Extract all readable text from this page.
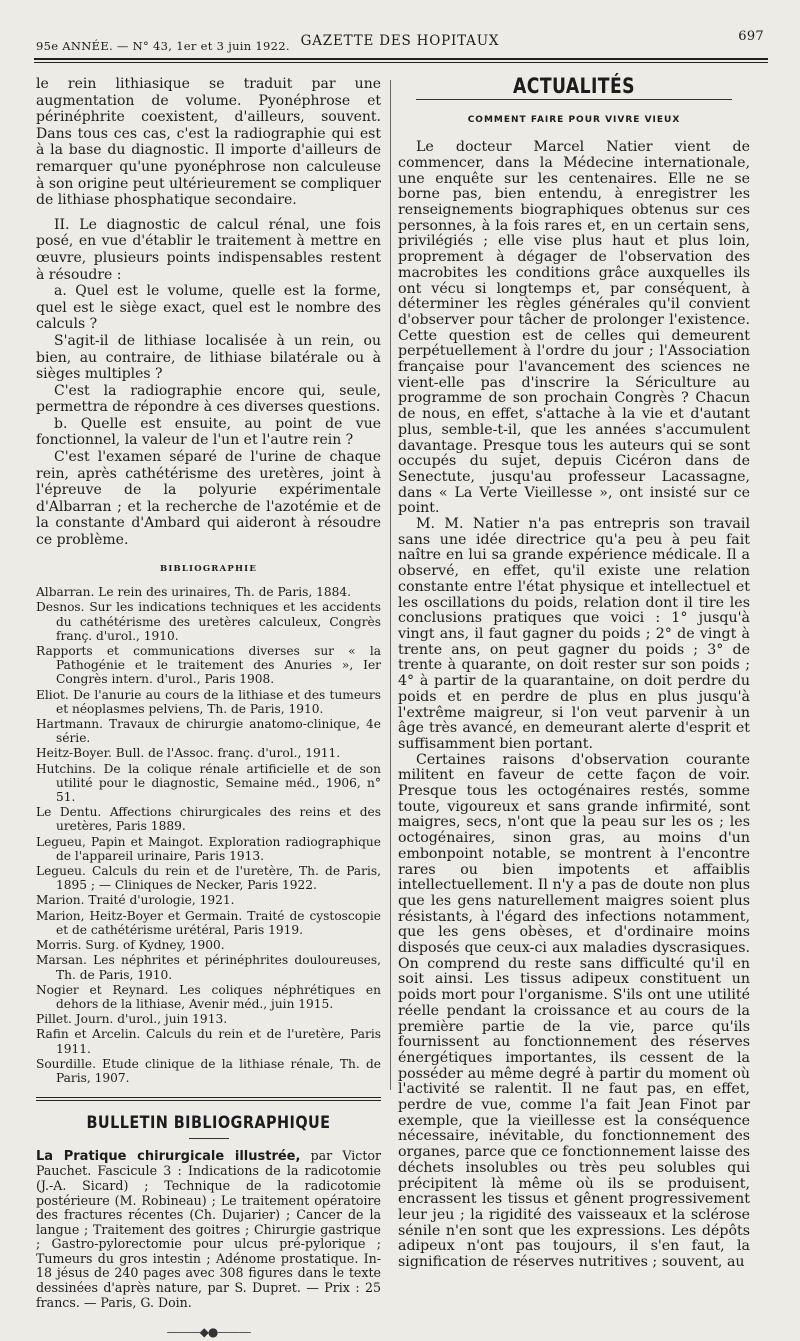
95e ANNÉE. — N° 43, 1er et 3 juin 1922. GAZETTE DES HOPITAUX	697

le rein lithiasique se traduit par une augmentation de volume. Pyonéphrose et périnéphrite coexistent, d'ailleurs, souvent. Dans tous ces cas, c'est la radiographie qui est à la base du diagnostic. Il importe d'ailleurs de remarquer qu'une pyonéphrose non calculeuse à son origine peut ultérieurement se compliquer de lithiase phosphatique secondaire.

II. Le diagnostic de calcul rénal, une fois posé, en vue d'établir le traitement à mettre en œuvre, plusieurs points indispensables restent à résoudre :

a. Quel est le volume, quelle est la forme, quel est le siège exact, quel est le nombre des calculs ?

S'agit-il de lithiase localisée à un rein, ou bien, au contraire, de lithiase bilatérale ou à sièges multiples ?

C'est la radiographie encore qui, seule, permettra de répondre à ces diverses questions.

b. Quelle est ensuite, au point de vue fonctionnel, la valeur de l'un et l'autre rein ?

C'est l'examen séparé de l'urine de chaque rein, après cathétérisme des uretères, joint à l'épreuve de la polyurie expérimentale d'Albarran ; et la recherche de l'azotémie et de la constante d'Ambard qui aideront à résoudre ce problème.

BIBLIOGRAPHIE
Albarran. Le rein des urinaires, Th. de Paris, 1884.
Desnos. Sur les indications techniques et les accidents du cathétérisme des uretères calculeux, Congrès franç. d'urol., 1910.
Rapports et communications diverses sur « la Pathogénie et le traitement des Anuries », Ier Congrès intern. d'urol., Paris 1908.
Eliot. De l'anurie au cours de la lithiase et des tumeurs et néoplasmes pelviens, Th. de Paris, 1910.
Hartmann. Travaux de chirurgie anatomo-clinique, 4e série.
Heitz-Boyer. Bull. de l'Assoc. franç. d'urol., 1911.
Hutchins. De la colique rénale artificielle et de son utilité pour le diagnostic, Semaine méd., 1906, n° 51.
Le Dentu. Affections chirurgicales des reins et des uretères, Paris 1889.
Legueu, Papin et Maingot. Exploration radiographique de l'appareil urinaire, Paris 1913.
Legueu. Calculs du rein et de l'uretère, Th. de Paris, 1895 ; — Cliniques de Necker, Paris 1922.
Marion. Traité d'urologie, 1921.
Marion, Heitz-Boyer et Germain. Traité de cystoscopie et de cathétérisme urétéral, Paris 1919.
Morris. Surg. of Kydney, 1900.
Marsan. Les néphrites et périnéphrites douloureuses, Th. de Paris, 1910.
Nogier et Reynard. Les coliques néphrétiques en dehors de la lithiase, Avenir méd., juin 1915.
Pillet. Journ. d'urol., juin 1913.
Rafin et Arcelin. Calculs du rein et de l'uretère, Paris 1911.
Sourdille. Etude clinique de la lithiase rénale, Th. de Paris, 1907.
BULLETIN BIBLIOGRAPHIQUE
La Pratique chirurgicale illustrée, par Victor Pauchet. Fascicule 3 : Indications de la radicotomie (J.-A. Sicard) ; Technique de la radicotomie postérieure (M. Robineau) ; Le traitement opératoire des fractures récentes (Ch. Dujarier) ; Cancer de la langue ; Traitement des goitres ; Chirurgie gastrique ; Gastro-pylorectomie pour ulcus pré-pylorique ; Tumeurs du gros intestin ; Adénome prostatique. In-18 jésus de 240 pages avec 308 figures dans le texte dessinées d'après nature, par S. Dupret. — Prix : 25 francs. — Paris, G. Doin.
———◆●———
ACTUALITÉS
COMMENT FAIRE POUR VIVRE VIEUX

Le docteur Marcel Natier vient de commencer, dans la Médecine internationale, une enquête sur les centenaires. Elle ne se borne pas, bien entendu, à enregistrer les renseignements biographiques obtenus sur ces personnes, à la fois rares et, en un certain sens, privilégiés ; elle vise plus haut et plus loin, proprement à dégager de l'observation des macrobites les conditions grâce auxquelles ils ont vécu si longtemps et, par conséquent, à déterminer les règles générales qu'il convient d'observer pour tâcher de prolonger l'existence. Cette question est de celles qui demeurent perpétuellement à l'ordre du jour ; l'Association française pour l'avancement des sciences ne vient-elle pas d'inscrire la Sériculture au programme de son prochain Congrès ? Chacun de nous, en effet, s'attache à la vie et d'autant plus, semble-t-il, que les années s'accumulent davantage. Presque tous les auteurs qui se sont occupés du sujet, depuis Cicéron dans de Senectute, jusqu'au professeur Lacassagne, dans « La Verte Vieillesse », ont insisté sur ce point.

M. M. Natier n'a pas entrepris son travail sans une idée directrice qu'a peu à peu fait naître en lui sa grande expérience médicale. Il a observé, en effet, qu'il existe une relation constante entre l'état physique et intellectuel et les oscillations du poids, relation dont il tire les conclusions pratiques que voici : 1° jusqu'à vingt ans, il faut gagner du poids ; 2° de vingt à trente ans, on peut gagner du poids ; 3° de trente à quarante, on doit rester sur son poids ; 4° à partir de la quarantaine, on doit perdre du poids et en perdre de plus en plus jusqu'à l'extrême maigreur, si l'on veut parvenir à un âge très avancé, en demeurant alerte d'esprit et suffisamment bien portant.

Certaines raisons d'observation courante militent en faveur de cette façon de voir. Presque tous les octogénaires restés, somme toute, vigoureux et sans grande infirmité, sont maigres, secs, n'ont que la peau sur les os ; les octogénaires, sinon gras, au moins d'un embonpoint notable, se montrent à l'encontre rares ou bien impotents et affaiblis intellectuellement. Il n'y a pas de doute non plus que les gens naturellement maigres soient plus résistants, à l'égard des infections notamment, que les gens obèses, et d'ordinaire moins disposés que ceux-ci aux maladies dyscrasiques. On comprend du reste sans difficulté qu'il en soit ainsi. Les tissus adipeux constituent un poids mort pour l'organisme. S'ils ont une utilité réelle pendant la croissance et au cours de la première partie de la vie, parce qu'ils fournissent au fonctionnement des réserves énergétiques importantes, ils cessent de la posséder au même degré à partir du moment où l'activité se ralentit. Il ne faut pas, en effet, perdre de vue, comme l'a fait Jean Finot par exemple, que la vieillesse est la conséquence nécessaire, inévitable, du fonctionnement des organes, parce que ce fonctionnement laisse des déchets insolubles ou très peu solubles qui précipitent là même où ils se produisent, encrassent les tissus et gênent progressivement leur jeu ; la rigidité des vaisseaux et la sclérose sénile n'en sont que les expressions. Les dépôts adipeux n'ont pas toujours, il s'en faut, la signification de réserves nutritives ; souvent, au
